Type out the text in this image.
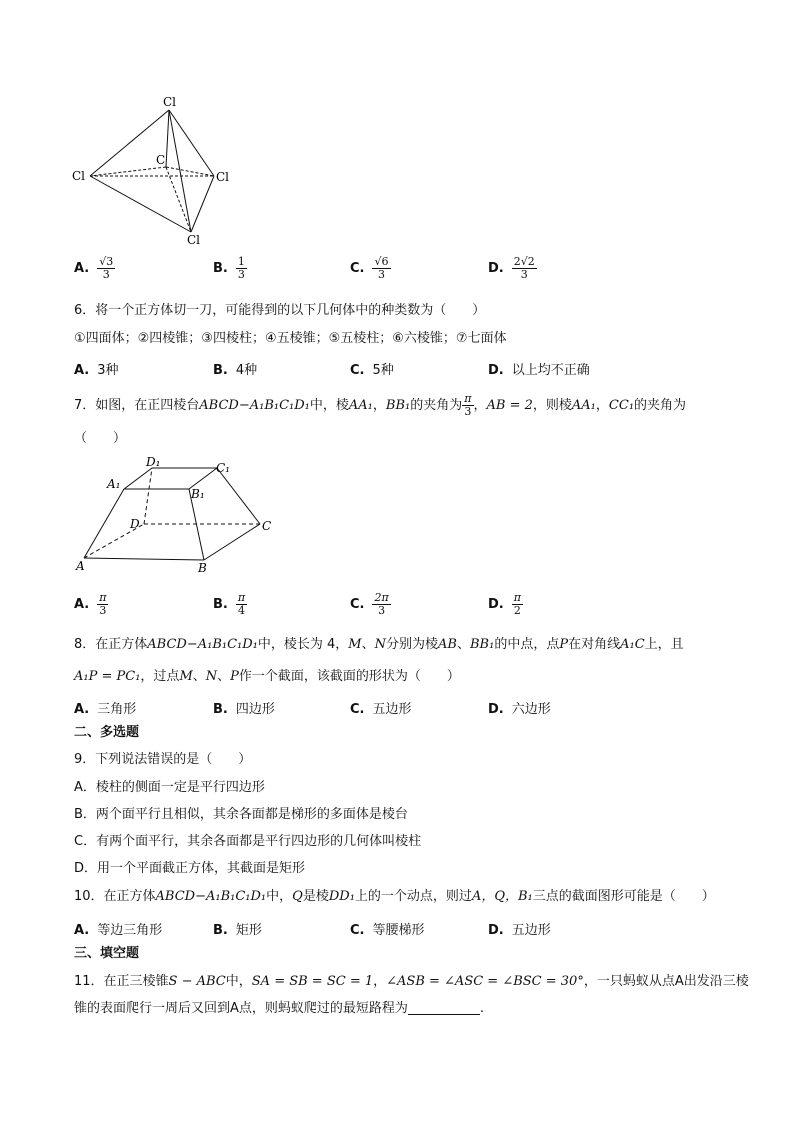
Cl
Cl
C
Cl
Cl
A. $\frac{√3}{3}$	B. $\frac{1}{3}$	C. $\frac{√6}{3}$	D. $\frac{2√2}{3}$
6．将一个正方体切一刀，可能得到的以下几何体中的种类数为（　　）
①四面体；②四棱锥；③四棱柱；④五棱锥；⑤五棱柱；⑥六棱锥；⑦七面体
A. 3种	B. 4种	C. 5种	D. 以上均不正确
7．如图，在正四棱台ABCD−A₁B₁C₁D₁中，棱AA₁，BB₁的夹角为 $\frac{\pi}{3}$ ，AB = 2，则棱AA₁，CC₁的夹角为
（　　）
A₁
D₁	C₁
B₁
D	C
A	B
A. $\frac{\pi}{3}$	B. $\frac{\pi}{4}$	C. $\frac{2\pi}{3}$	D. $\frac{\pi}{2}$
8．在正方体ABCD−A₁B₁C₁D₁中，棱长为 4，M、N分别为棱AB、BB₁的中点，点P在对角线A₁C上，且
A₁P = PC₁，过点M、N、P作一个截面，该截面的形状为（　　）
A. 三角形	B. 四边形	C. 五边形	D. 六边形
二、多选题
9．下列说法错误的是（　　）
A．棱柱的侧面一定是平行四边形
B．两个面平行且相似，其余各面都是梯形的多面体是棱台
C．有两个面平行，其余各面都是平行四边形的几何体叫棱柱
D．用一个平面截正方体，其截面是矩形
10．在正方体ABCD−A₁B₁C₁D₁中，Q是棱DD₁上的一个动点，则过A，Q，B₁三点的截面图形可能是（　　）
A. 等边三角形	B. 矩形	C. 等腰梯形	D. 五边形
三、填空题
11．在正三棱锥S − ABC中，SA = SB = SC = 1，∠ASB = ∠ASC = ∠BSC = 30°，一只蚂蚁从点A出发沿三棱
锥的表面爬行一周后又回到A点，则蚂蚁爬过的最短路程为	.
